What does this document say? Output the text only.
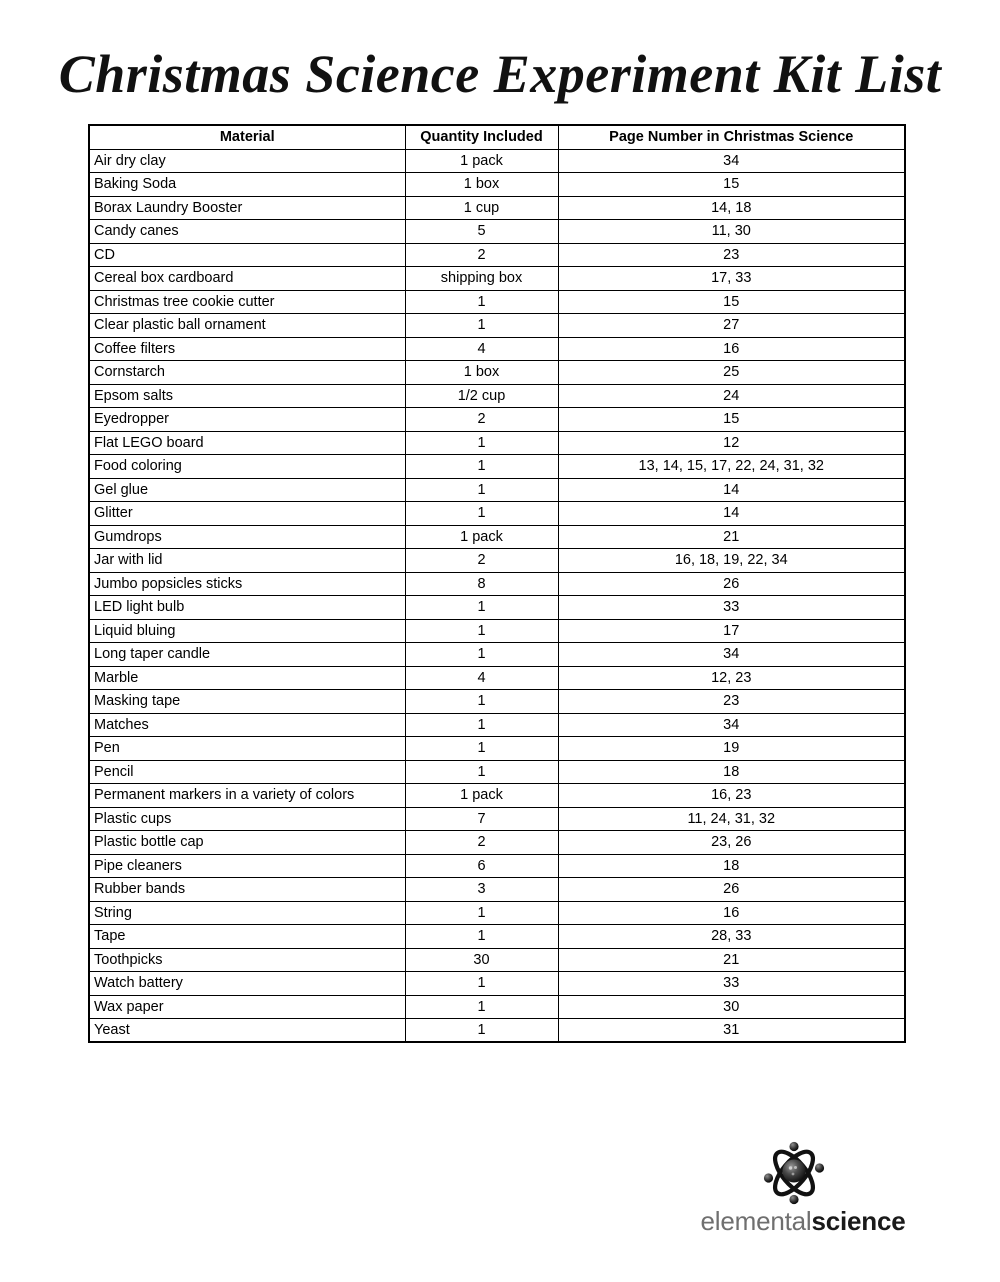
Christmas Science Experiment Kit List
Material	Quantity Included	Page Number in Christmas Science
Air dry clay	1 pack	34
Baking Soda	1 box	15
Borax Laundry Booster	1 cup	14, 18
Candy canes	5	11, 30
CD	2	23
Cereal box cardboard	shipping box	17, 33
Christmas tree cookie cutter	1	15
Clear plastic ball ornament	1	27
Coffee filters	4	16
Cornstarch	1 box	25
Epsom salts	1/2 cup	24
Eyedropper	2	15
Flat LEGO board	1	12
Food coloring	1	13, 14, 15, 17, 22, 24, 31, 32
Gel glue	1	14
Glitter	1	14
Gumdrops	1 pack	21
Jar with lid	2	16, 18, 19, 22, 34
Jumbo popsicles sticks	8	26
LED light bulb	1	33
Liquid bluing	1	17
Long taper candle	1	34
Marble	4	12, 23
Masking tape	1	23
Matches	1	34
Pen	1	19
Pencil	1	18
Permanent markers in a variety of colors	1 pack	16, 23
Plastic cups	7	11, 24, 31, 32
Plastic bottle cap	2	23, 26
Pipe cleaners	6	18
Rubber bands	3	26
String	1	16
Tape	1	28, 33
Toothpicks	30	21
Watch battery	1	33
Wax paper	1	30
Yeast	1	31
elementalscience
